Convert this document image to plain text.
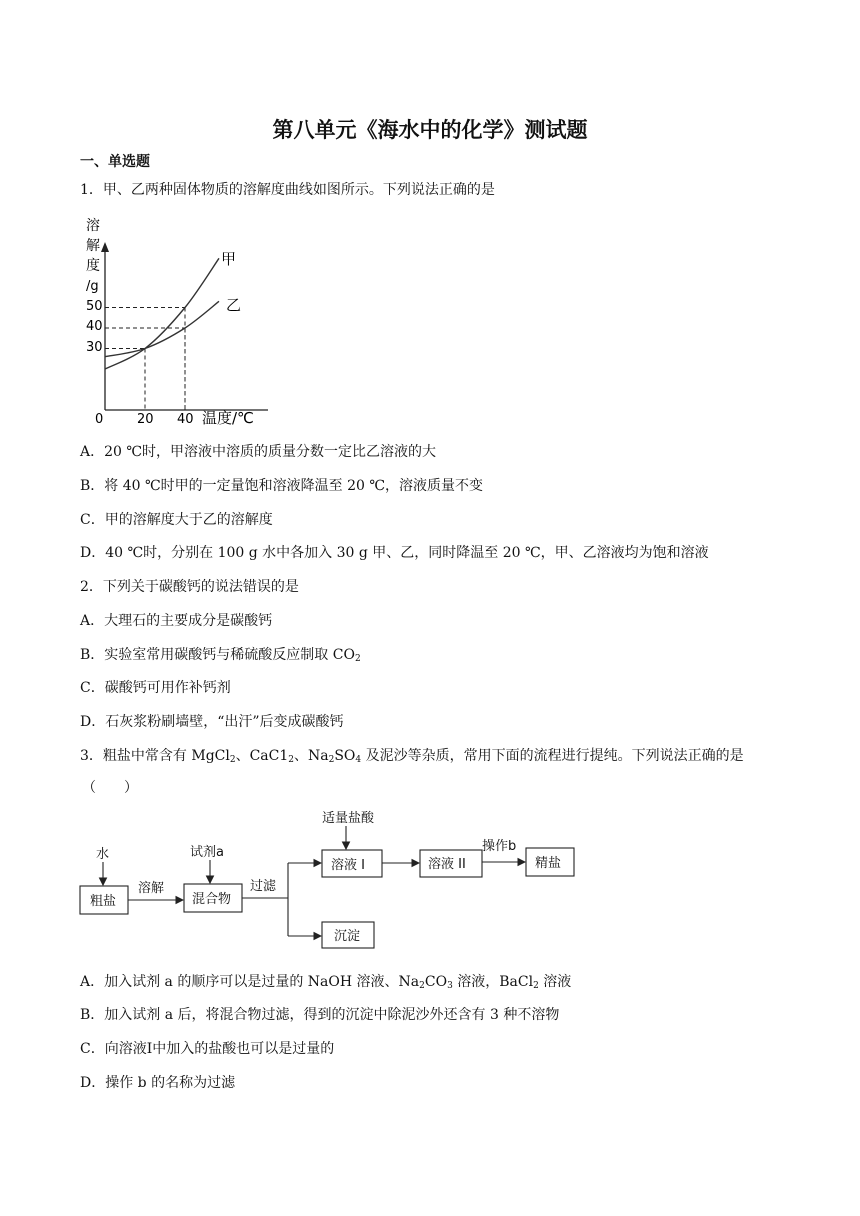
第八单元《海水中的化学》测试题
一、单选题
1．甲、乙两种固体物质的溶解度曲线如图所示。下列说法正确的是
溶
解
度
/g
50
40
30
0	20 40 温度/℃
甲
乙
A．20 ℃时，甲溶液中溶质的质量分数一定比乙溶液的大
B．将 40 ℃时甲的一定量饱和溶液降温至 20 ℃，溶液质量不变
C．甲的溶解度大于乙的溶解度
D．40 ℃时，分别在 100 g 水中各加入 30 g 甲、乙，同时降温至 20 ℃，甲、乙溶液均为饱和溶液
2．下列关于碳酸钙的说法错误的是
A．大理石的主要成分是碳酸钙
B．实验室常用碳酸钙与稀硫酸反应制取 $CO_2$
C．碳酸钙可用作补钙剂
D．石灰浆粉刷墙壁，“出汗”后变成碳酸钙
3．粗盐中常含有 MgCl$_2$、$CaC1_2$、$Na_2SO_4$ 及泥沙等杂质，常用下面的流程进行提纯。下列说法正确的是
（　　）
水	试剂a
适量盐酸
粗盐
溶解
混合物
过滤
溶液 I	溶液 II
操作b
精盐
沉淀
A．加入试剂 a 的顺序可以是过量的 NaOH 溶液、$Na_2CO_3$ 溶液，BaCl$_2$ 溶液
B．加入试剂 a 后，将混合物过滤，得到的沉淀中除泥沙外还含有 3 种不溶物
C．向溶液Ⅰ中加入的盐酸也可以是过量的
D．操作 b 的名称为过滤
